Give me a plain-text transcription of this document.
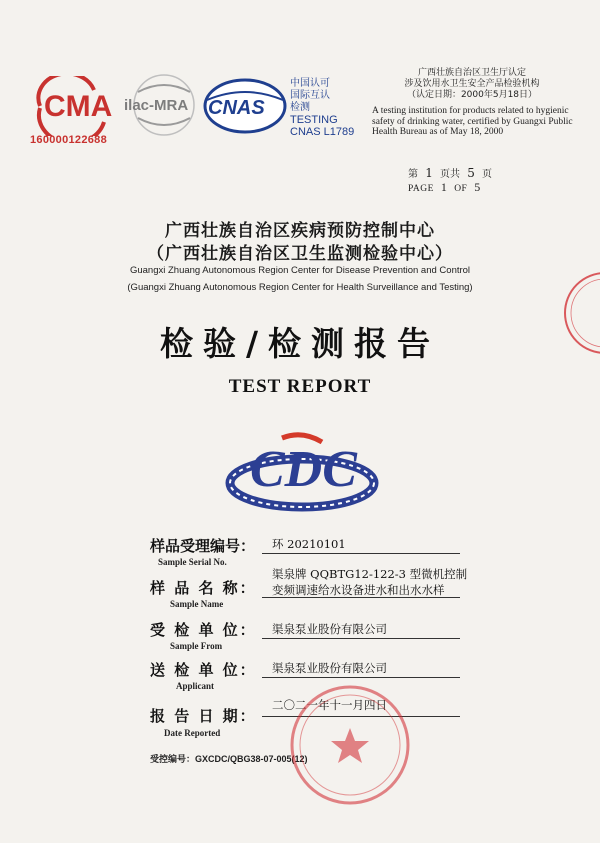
CMA
160000122688
ilac-MRA CNAS
中国认可
国际互认
检测
TESTING
CNAS L1789
广西壮族自治区卫生厅认定
涉及饮用水卫生安全产品检验机构
（认定日期：2000年5月18日）
A testing institution for products related to hygienic safety of drinking water, certified by Guangxi Public Health Bureau as of May 18, 2000
第 1 页共 5 页
PAGE 1 OF 5
广西壮族自治区疾病预防控制中心
（广西壮族自治区卫生监测检验中心）
Guangxi Zhuang Autonomous Region Center for Disease Prevention and Control
(Guangxi Zhuang Autonomous Region Center for Health Surveillance and Testing)
检验/检测报告
TEST REPORT
CDC
样品受理编号：
Sample Serial No.
环 20210101
样 品 名 称：
Sample Name
渠泉牌 QQBTG12-122-3 型微机控制
变频调速给水设备进水和出水水样
受 检 单 位：
Sample From
渠泉泵业股份有限公司
送 检 单 位：
Applicant
渠泉泵业股份有限公司
报 告 日 期：
Date Reported
二〇二一年十一月四日
受控编号：GXCDC/QBG38-07-005(12)
